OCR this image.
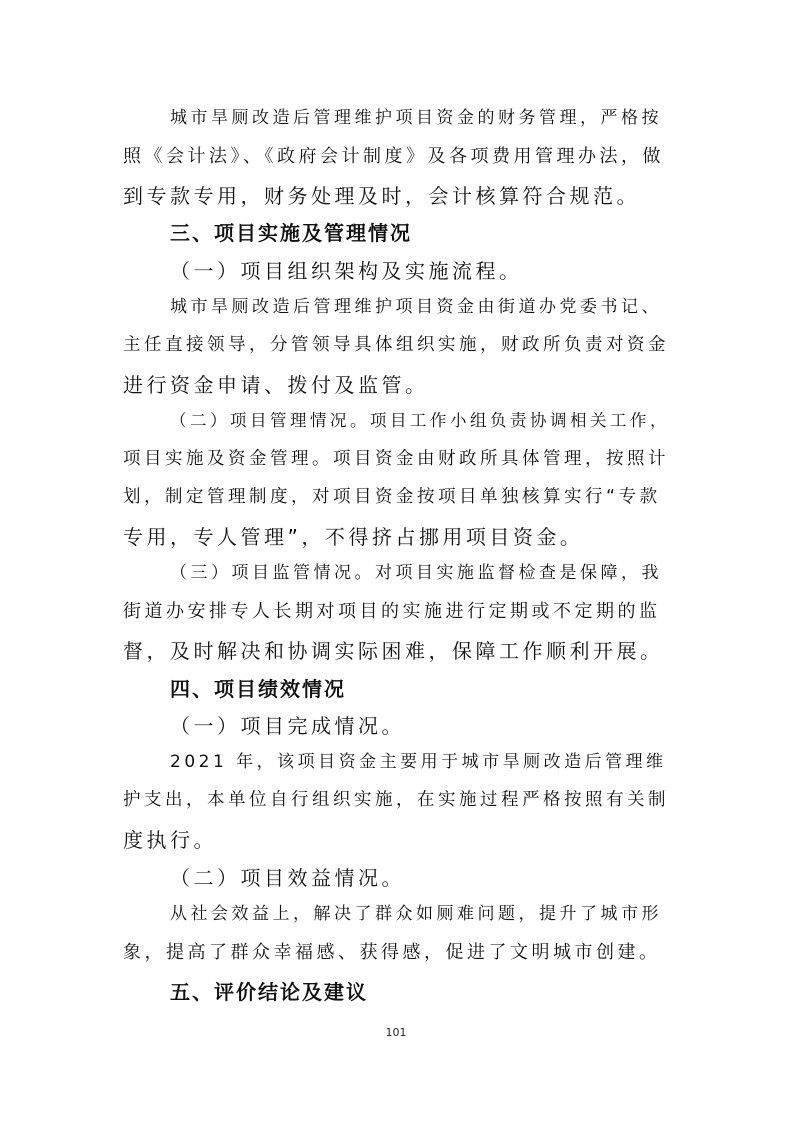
城市旱厕改造后管理维护项目资金的财务管理，严格按
照《会计法》、《政府会计制度》及各项费用管理办法，做
到专款专用，财务处理及时，会计核算符合规范。
三、项目实施及管理情况
（一）项目组织架构及实施流程。
城市旱厕改造后管理维护项目资金由街道办党委书记、
主任直接领导，分管领导具体组织实施，财政所负责对资金
进行资金申请、拨付及监管。
（二）项目管理情况。项目工作小组负责协调相关工作，
项目实施及资金管理。项目资金由财政所具体管理，按照计
划，制定管理制度，对项目资金按项目单独核算实行“专款
专用，专人管理”，不得挤占挪用项目资金。
（三）项目监管情况。对项目实施监督检查是保障，我
街道办安排专人长期对项目的实施进行定期或不定期的监
督，及时解决和协调实际困难，保障工作顺利开展。
四、项目绩效情况
（一）项目完成情况。
2021 年，该项目资金主要用于城市旱厕改造后管理维
护支出，本单位自行组织实施，在实施过程严格按照有关制
度执行。
（二）项目效益情况。
从社会效益上，解决了群众如厕难问题，提升了城市形
象，提高了群众幸福感、获得感，促进了文明城市创建。
五、评价结论及建议
101
